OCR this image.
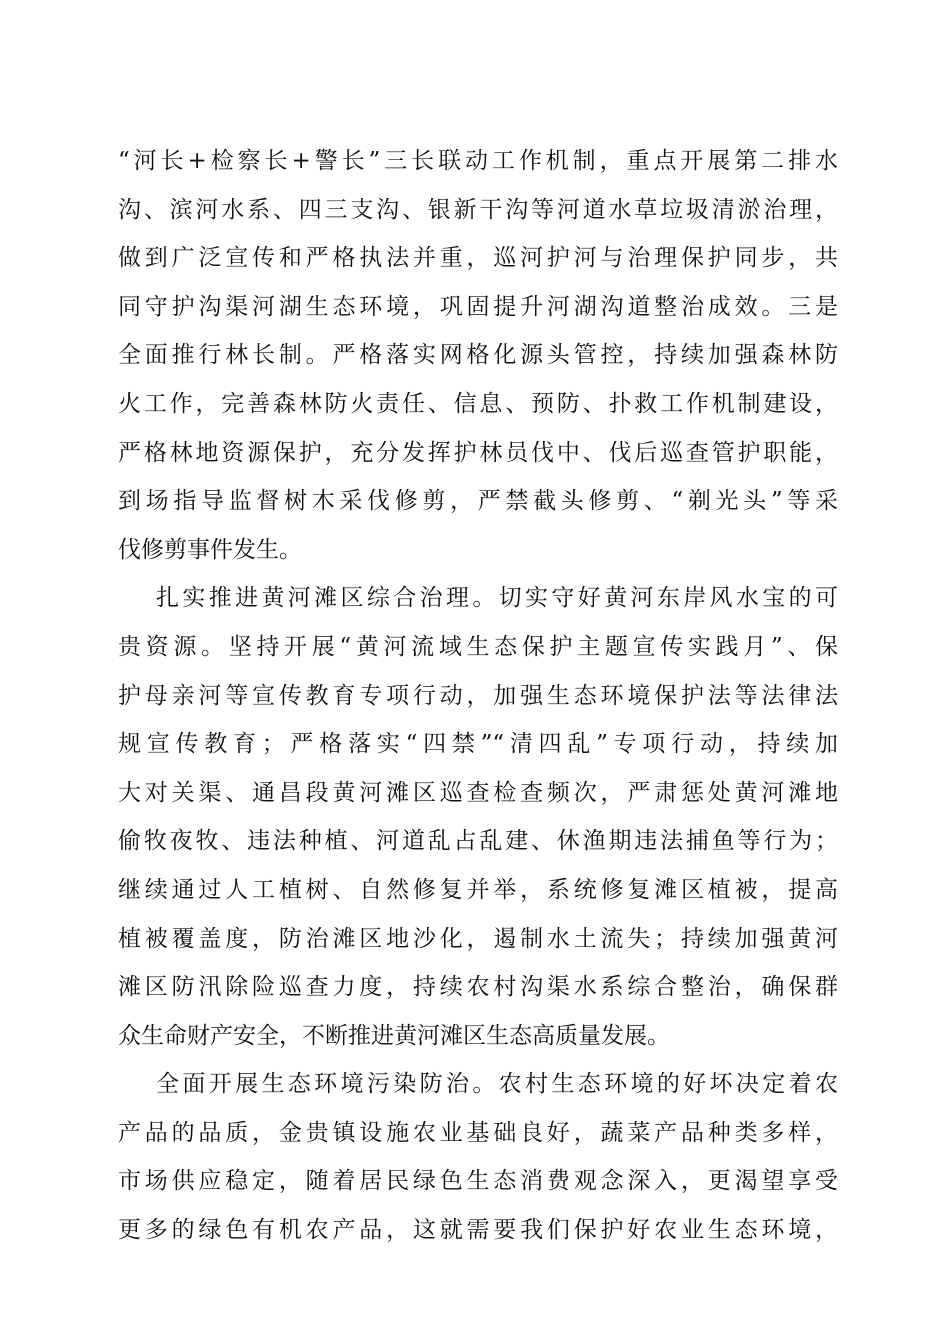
“河长+检察长+警长”三长联动工作机制，重点开展第二排水
沟、滨河水系、四三支沟、银新干沟等河道水草垃圾清淤治理，
做到广泛宣传和严格执法并重，巡河护河与治理保护同步，共
同守护沟渠河湖生态环境，巩固提升河湖沟道整治成效。三是
全面推行林长制。严格落实网格化源头管控，持续加强森林防
火工作，完善森林防火责任、信息、预防、扑救工作机制建设，
严格林地资源保护，充分发挥护林员伐中、伐后巡查管护职能，
到场指导监督树木采伐修剪，严禁截头修剪、“剃光头”等采
伐修剪事件发生。
扎实推进黄河滩区综合治理。切实守好黄河东岸风水宝的可
贵资源。坚持开展“黄河流域生态保护主题宣传实践月”、保
护母亲河等宣传教育专项行动，加强生态环境保护法等法律法
规宣传教育；严格落实“四禁”“清四乱”专项行动，持续加
大对关渠、通昌段黄河滩区巡查检查频次，严肃惩处黄河滩地
偷牧夜牧、违法种植、河道乱占乱建、休渔期违法捕鱼等行为；
继续通过人工植树、自然修复并举，系统修复滩区植被，提高
植被覆盖度，防治滩区地沙化，遏制水土流失；持续加强黄河
滩区防汛除险巡查力度，持续农村沟渠水系综合整治，确保群
众生命财产安全，不断推进黄河滩区生态高质量发展。
全面开展生态环境污染防治。农村生态环境的好坏决定着农
产品的品质，金贵镇设施农业基础良好，蔬菜产品种类多样，
市场供应稳定，随着居民绿色生态消费观念深入，更渴望享受
更多的绿色有机农产品，这就需要我们保护好农业生态环境，
